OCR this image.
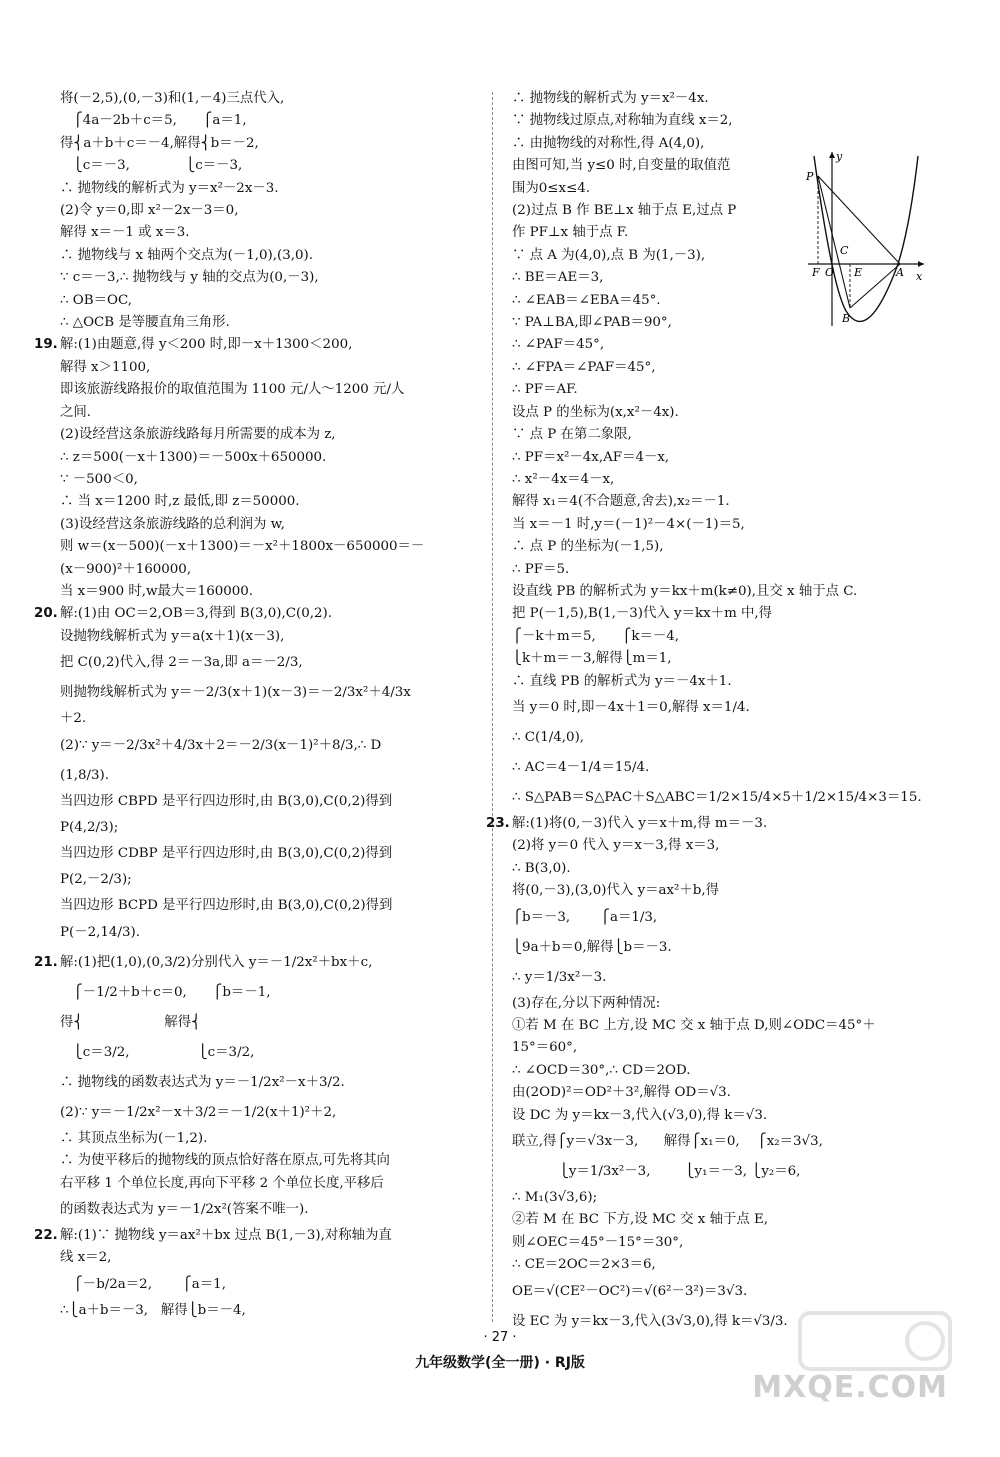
将(－2,5),(0,－3)和(1,－4)三点代入,
⎧4a－2b＋c＝5,      ⎧a＝1,
得⎨a＋b＋c＝－4,解得⎨b＝－2,
⎩c＝－3,             ⎩c＝－3,
∴ 抛物线的解析式为 y＝x²－2x－3.
(2)令 y＝0,即 x²－2x－3＝0,
解得 x＝－1 或 x＝3.
∴ 抛物线与 x 轴两个交点为(－1,0),(3,0).
∵ c＝－3,∴ 抛物线与 y 轴的交点为(0,－3),
∴ OB＝OC,
∴ △OCB 是等腰直角三角形.
19. 解:(1)由题意,得 y＜200 时,即－x＋1300＜200,
解得 x＞1100,
即该旅游线路报价的取值范围为 1100 元/人～1200 元/人
之间.
(2)设经营这条旅游线路每月所需要的成本为 z,
∴ z＝500(－x＋1300)＝－500x＋650000.
∵ －500＜0,
∴ 当 x＝1200 时,z 最低,即 z＝50000.
(3)设经营这条旅游线路的总利润为 w,
则 w＝(x－500)(－x＋1300)＝－x²＋1800x－650000＝－
(x－900)²＋160000,
当 x＝900 时,w最大＝160000.
20. 解:(1)由 OC＝2,OB＝3,得到 B(3,0),C(0,2).
设抛物线解析式为 y＝a(x＋1)(x－3),
把 C(0,2)代入,得 2＝－3a,即 a＝－2/3,
则抛物线解析式为 y＝－2/3(x＋1)(x－3)＝－2/3x²＋4/3x
＋2.
(2)∵ y＝－2/3x²＋4/3x＋2＝－2/3(x－1)²＋8/3,∴ D
(1,8/3).
当四边形 CBPD 是平行四边形时,由 B(3,0),C(0,2)得到
P(4,2/3);
当四边形 CDBP 是平行四边形时,由 B(3,0),C(0,2)得到
P(2,－2/3);
当四边形 BCPD 是平行四边形时,由 B(3,0),C(0,2)得到
P(－2,14/3).
21. 解:(1)把(1,0),(0,3/2)分别代入 y＝－1/2x²＋bx＋c,
⎧－1/2＋b＋c＝0,      ⎧b＝－1,
得⎨                   解得⎨
⎩c＝3/2,                ⎩c＝3/2,
∴ 抛物线的函数表达式为 y＝－1/2x²－x＋3/2.
(2)∵ y＝－1/2x²－x＋3/2＝－1/2(x＋1)²＋2,
∴ 其顶点坐标为(－1,2).
∴ 为使平移后的抛物线的顶点恰好落在原点,可先将其向
右平移 1 个单位长度,再向下平移 2 个单位长度,平移后
的函数表达式为 y＝－1/2x²(答案不唯一).
22. 解:(1)∵ 抛物线 y＝ax²＋bx 过点 B(1,－3),对称轴为直
线 x＝2,
⎧－b/2a＝2,       ⎧a＝1,
∴⎩a＋b＝－3,   解得⎩b＝－4,
∴ 抛物线的解析式为 y＝x²－4x.
∵ 抛物线过原点,对称轴为直线 x＝2,
∴ 由抛物线的对称性,得 A(4,0),
由图可知,当 y≤0 时,自变量的取值范
围为0≤x≤4.
(2)过点 B 作 BE⊥x 轴于点 E,过点 P
作 PF⊥x 轴于点 F.
∵ 点 A 为(4,0),点 B 为(1,－3),
∴ BE＝AE＝3,
∴ ∠EAB＝∠EBA＝45°.
∵ PA⊥BA,即∠PAB＝90°,
∴ ∠PAF＝45°,
∴ ∠FPA＝∠PAF＝45°,
∴ PF＝AF.
设点 P 的坐标为(x,x²－4x).
∵ 点 P 在第二象限,
∴ PF＝x²－4x,AF＝4－x,
∴ x²－4x＝4－x,
解得 x₁＝4(不合题意,舍去),x₂＝－1.
当 x＝－1 时,y＝(－1)²－4×(－1)＝5,
∴ 点 P 的坐标为(－1,5),
∴ PF＝5.
设直线 PB 的解析式为 y＝kx＋m(k≠0),且交 x 轴于点 C.
把 P(－1,5),B(1,－3)代入 y＝kx＋m 中,得
⎧－k＋m＝5,      ⎧k＝－4,
⎩k＋m＝－3,解得⎩m＝1,
∴ 直线 PB 的解析式为 y＝－4x＋1.
当 y＝0 时,即－4x＋1＝0,解得 x＝1/4.
∴ C(1/4,0),
∴ AC＝4－1/4＝15/4.
∴ S△PAB＝S△PAC＋S△ABC＝1/2×15/4×5＋1/2×15/4×3＝15.
23. 解:(1)将(0,－3)代入 y＝x＋m,得 m＝－3.
(2)将 y＝0 代入 y＝x－3,得 x＝3,
∴ B(3,0).
将(0,－3),(3,0)代入 y＝ax²＋b,得
⎧b＝－3,       ⎧a＝1/3,
⎩9a＋b＝0,解得⎩b＝－3.
∴ y＝1/3x²－3.
(3)存在,分以下两种情况:
①若 M 在 BC 上方,设 MC 交 x 轴于点 D,则∠ODC＝45°＋
15°＝60°,
∴ ∠OCD＝30°,∴ CD＝2OD.
由(2OD)²＝OD²＋3²,解得 OD＝√3.
设 DC 为 y＝kx－3,代入(√3,0),得 k＝√3.
联立,得⎧y＝√3x－3,      解得⎧x₁＝0,    ⎧x₂＝3√3,
⎩y＝1/3x²－3,        ⎩y₁＝－3, ⎩y₂＝6,
∴ M₁(3√3,6);
②若 M 在 BC 下方,设 MC 交 x 轴于点 E,
则∠OEC＝45°－15°＝30°,
∴ CE＝2OC＝2×3＝6,
OE＝√(CE²－OC²)＝√(6²－3²)＝3√3.
设 EC 为 y＝kx－3,代入(3√3,0),得 k＝√3/3.
y
x
P
C
F O E	A
B
· 27 ·
九年级数学(全一册) · RJ版
MXQE.COM
